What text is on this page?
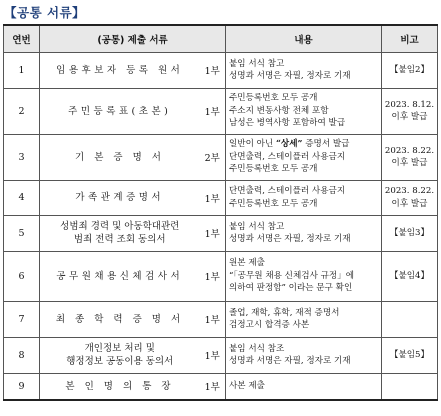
【공통 서류】
연번	(공통) 제출 서류		내용	비고
1	임용후보자 등록 원서	1부	붙임 서식 참고
성명과 서명은 자필, 정자로 기재	【붙임2】

2	주민등록표(초본)	1부	주민등록번호 모두 공개
주소지 변동사항 전체 포함
남성은 병역사항 포함하여 발급	2023. 8.12.
이후 발급

3	기 본 증 명 서	2부	일반이 아닌 “상세” 증명서 발급
단면출력, 스테이플러 사용금지
주민등록번호 모두 공개	2023. 8.22.
이후 발급

4	가족관계증명서	1부	단면출력, 스테이플러 사용금지
주민등록번호 모두 공개	2023. 8.22.
이후 발급

5	성범죄 경력 및 아동학대관련
범죄 전력 조회 동의서	1부	붙임 서식 참고
성명과 서명은 자필, 정자로 기재	【붙임3】

6	공무원채용신체검사서	1부	원본 제출
“「공무원 채용 신체검사 규정」에
의하여 판정함” 이라는 문구 확인	【붙임4】

7	최 종 학 력 증 명 서	1부	졸업, 재학, 휴학, 재적 증명서
검정고시 합격증 사본	

8	개인정보 처리 및
행정정보 공동이용 동의서	1부	붙임 서식 참조
성명과 서명은 자필, 정자로 기재	【붙임5】

9	본 인 명 의 통 장	1부	사본 제출	
